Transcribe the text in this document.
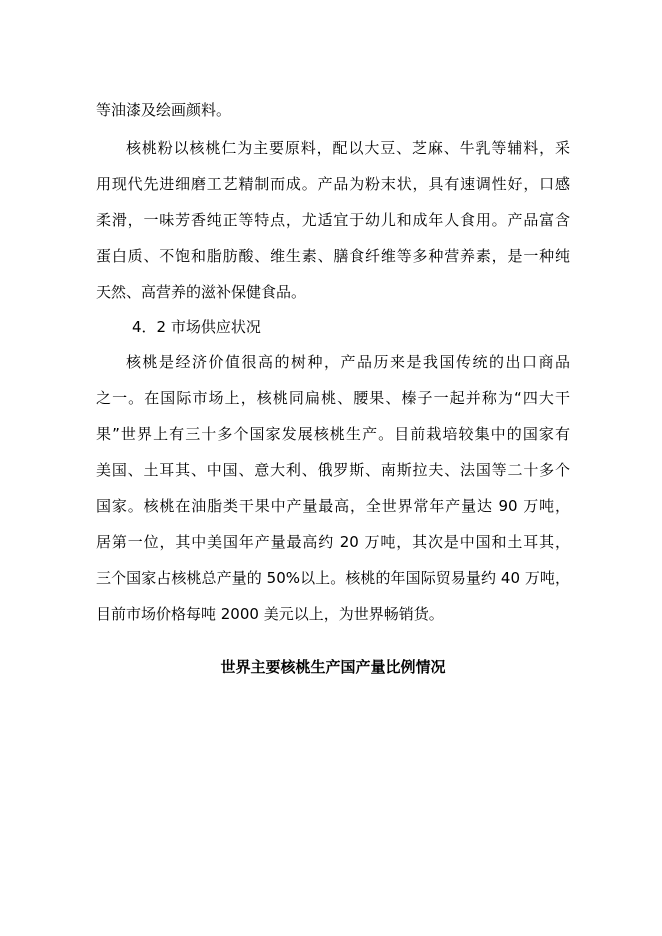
等油漆及绘画颜料。
核桃粉以核桃仁为主要原料，配以大豆、芝麻、牛乳等辅料，采
用现代先进细磨工艺精制而成。产品为粉末状，具有速调性好，口感
柔滑，一味芳香纯正等特点，尤适宜于幼儿和成年人食用。产品富含
蛋白质、不饱和脂肪酸、维生素、膳食纤维等多种营养素，是一种纯
天然、高营养的滋补保健食品。
4．2 市场供应状况
核桃是经济价值很高的树种，产品历来是我国传统的出口商品
之一。在国际市场上，核桃同扁桃、腰果、榛子一起并称为“四大干
果”世界上有三十多个国家发展核桃生产。目前栽培较集中的国家有
美国、土耳其、中国、意大利、俄罗斯、南斯拉夫、法国等二十多个
国家。核桃在油脂类干果中产量最高，全世界常年产量达 90 万吨，
居第一位，其中美国年产量最高约 20 万吨，其次是中国和土耳其，
三个国家占核桃总产量的 50%以上。核桃的年国际贸易量约 40 万吨，
目前市场价格每吨 2000 美元以上，为世界畅销货。
世界主要核桃生产国产量比例情况
